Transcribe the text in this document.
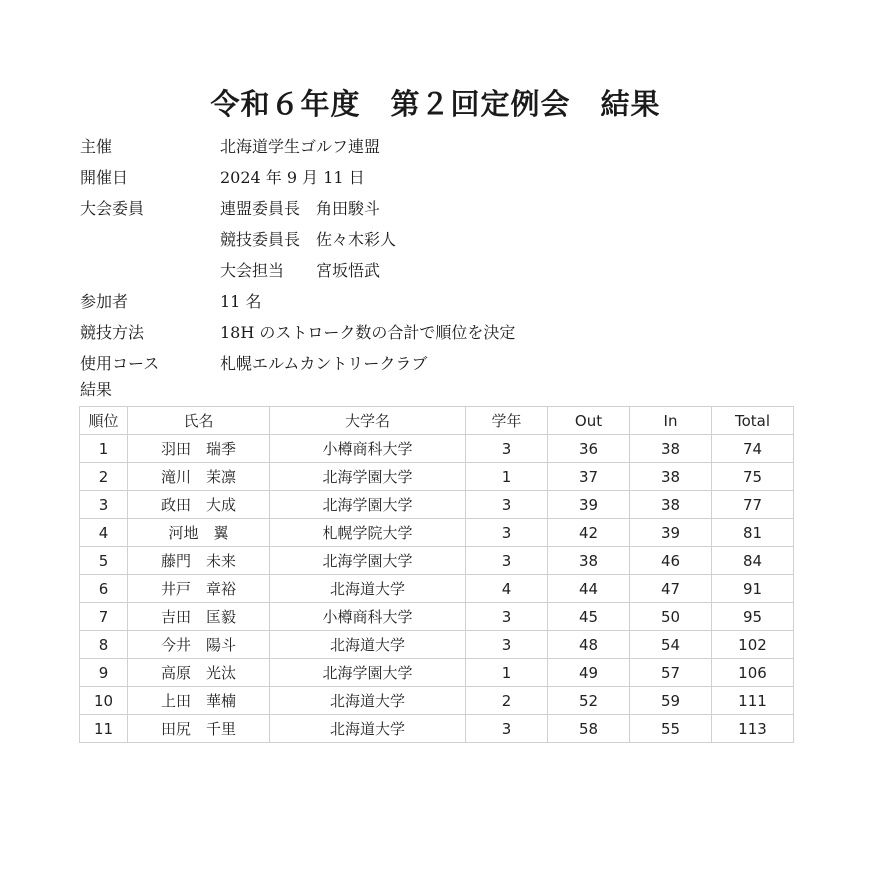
令和６年度　第２回定例会　結果
主催	北海道学生ゴルフ連盟
開催日	2024 年 9 月 11 日
大会委員	連盟委員長　角田駿斗
競技委員長　佐々木彩人
大会担当　　宮坂悟武
参加者	11 名
競技方法	18H のストローク数の合計で順位を決定
使用コース	札幌エルムカントリークラブ
結果
順位	氏名	大学名	学年	Out	In	Total
1	羽田　瑞季	小樽商科大学	3	36	38	74
2	滝川　茉凛	北海学園大学	1	37	38	75
3	政田　大成	北海学園大学	3	39	38	77
4	河地　翼	札幌学院大学	3	42	39	81
5	藤門　未来	北海学園大学	3	38	46	84
6	井戸　章裕	北海道大学	4	44	47	91
7	吉田　匡毅	小樽商科大学	3	45	50	95
8	今井　陽斗	北海道大学	3	48	54	102
9	高原　光汰	北海学園大学	1	49	57	106
10	上田　華楠	北海道大学	2	52	59	111
11	田尻　千里	北海道大学	3	58	55	113
